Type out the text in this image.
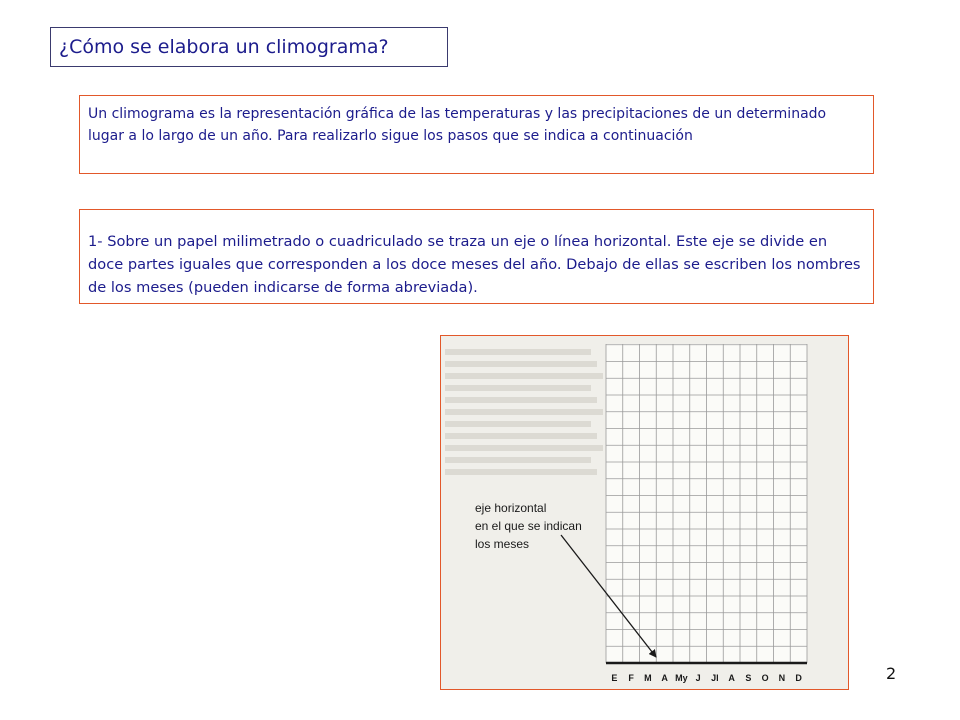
¿Cómo se elabora un climograma?
Un climograma es la representación gráfica de las temperaturas y las precipitaciones de un determinado lugar a lo largo de un año. Para realizarlo sigue los pasos que se indica a continuación
1- Sobre un papel milimetrado o cuadriculado se traza un eje o línea horizontal. Este eje se divide en doce partes iguales que corresponden a los doce meses del año. Debajo de ellas se escriben los nombres de los meses (pueden indicarse de forma abreviada).
E F M A My J Jl A S O N D
eje horizontal
en el que se indican
los meses
2
